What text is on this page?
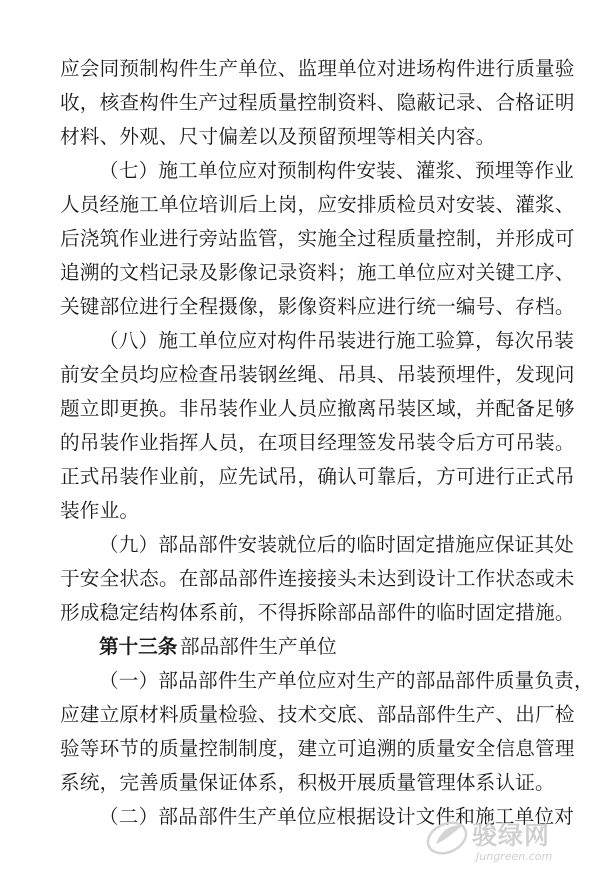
应会同预制构件生产单位、监理单位对进场构件进行质量验
收，核查构件生产过程质量控制资料、隐蔽记录、合格证明
材料、外观、尺寸偏差以及预留预埋等相关内容。
（七）施工单位应对预制构件安装、灌浆、预埋等作业
人员经施工单位培训后上岗，应安排质检员对安装、灌浆、
后浇筑作业进行旁站监管，实施全过程质量控制，并形成可
追溯的文档记录及影像记录资料；施工单位应对关键工序、
关键部位进行全程摄像，影像资料应进行统一编号、存档。
（八）施工单位应对构件吊装进行施工验算，每次吊装
前安全员均应检查吊装钢丝绳、吊具、吊装预埋件，发现问
题立即更换。非吊装作业人员应撤离吊装区域，并配备足够
的吊装作业指挥人员，在项目经理签发吊装令后方可吊装。
正式吊装作业前，应先试吊，确认可靠后，方可进行正式吊
装作业。
（九）部品部件安装就位后的临时固定措施应保证其处
于安全状态。在部品部件连接接头未达到设计工作状态或未
形成稳定结构体系前，不得拆除部品部件的临时固定措施。
第十三条 部品部件生产单位
（一）部品部件生产单位应对生产的部品部件质量负责，
应建立原材料质量检验、技术交底、部品部件生产、出厂检
验等环节的质量控制制度，建立可追溯的质量安全信息管理
系统，完善质量保证体系，积极开展质量管理体系认证。
（二）部品部件生产单位应根据设计文件和施工单位对
骏绿网
Jungreen.com
